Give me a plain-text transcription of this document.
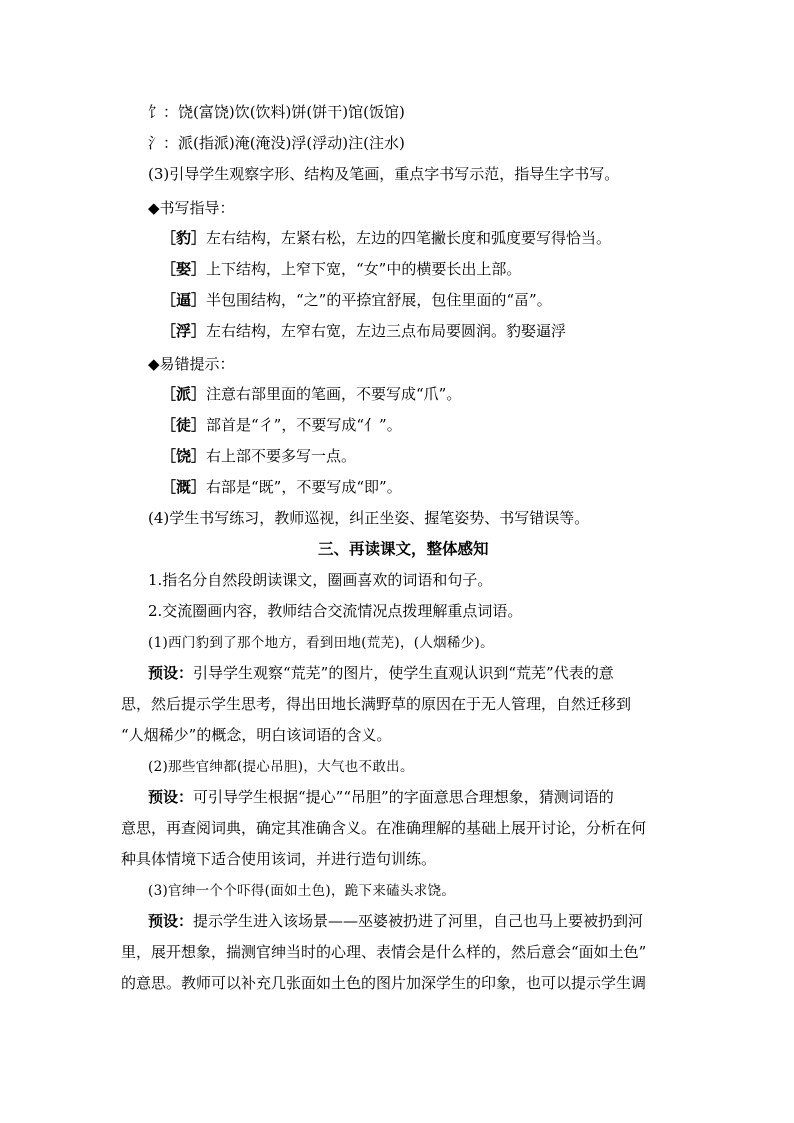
饣：饶(富饶)饮(饮料)饼(饼干)馆(饭馆)
氵：派(指派)淹(淹没)浮(浮动)注(注水)
(3)引导学生观察字形、结构及笔画，重点字书写示范，指导生字书写。
◆书写指导：
［豹］左右结构，左紧右松，左边的四笔撇长度和弧度要写得恰当。
［娶］上下结构，上窄下宽，“女”中的横要长出上部。
［逼］半包围结构，“之”的平捺宜舒展，包住里面的“畐”。
［浮］左右结构，左窄右宽，左边三点布局要圆润。豹娶逼浮
◆易错提示：
［派］注意右部里面的笔画，不要写成“爪”。
［徒］部首是“彳”，不要写成“亻”。
［饶］右上部不要多写一点。
［溉］右部是“既”，不要写成“即”。
(4)学生书写练习，教师巡视，纠正坐姿、握笔姿势、书写错误等。
三、再读课文，整体感知
1.指名分自然段朗读课文，圈画喜欢的词语和句子。
2.交流圈画内容，教师结合交流情况点拨理解重点词语。
(1)西门豹到了那个地方，看到田地(荒芜)，(人烟稀少)。
预设：引导学生观察“荒芜”的图片，使学生直观认识到“荒芜”代表的意
思，然后提示学生思考，得出田地长满野草的原因在于无人管理，自然迁移到
“人烟稀少”的概念，明白该词语的含义。
(2)那些官绅都(提心吊胆)，大气也不敢出。
预设：可引导学生根据“提心”“吊胆”的字面意思合理想象，猜测词语的
意思，再查阅词典，确定其准确含义。在准确理解的基础上展开讨论，分析在何
种具体情境下适合使用该词，并进行造句训练。
(3)官绅一个个吓得(面如土色)，跪下来磕头求饶。
预设：提示学生进入该场景——巫婆被扔进了河里，自己也马上要被扔到河
里，展开想象，揣测官绅当时的心理、表情会是什么样的，然后意会“面如土色”
的意思。教师可以补充几张面如土色的图片加深学生的印象，也可以提示学生调
